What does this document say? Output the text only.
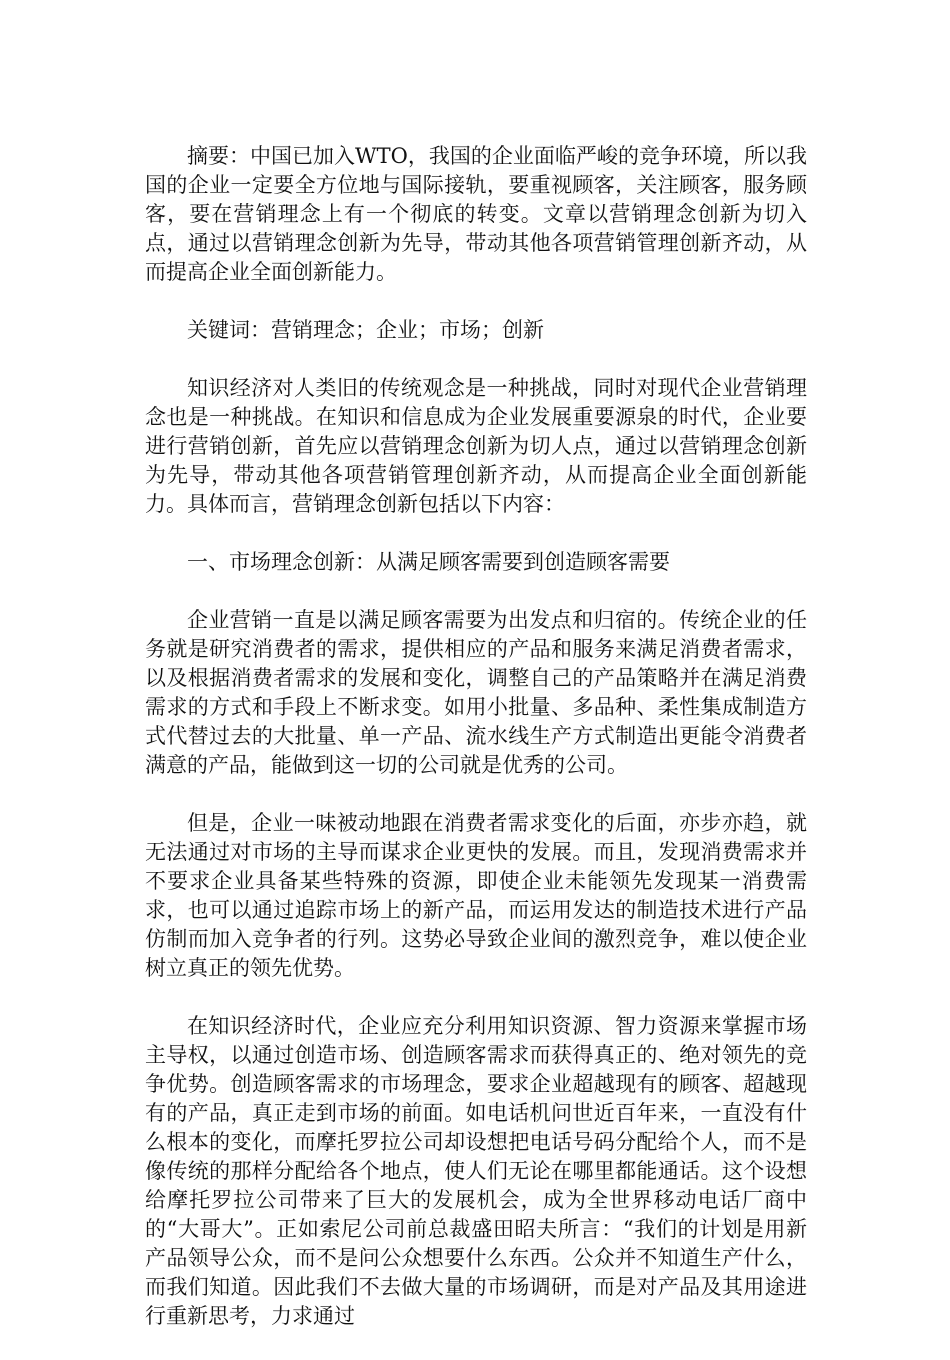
摘要：中国已加入WTO，我国的企业面临严峻的竞争环境，所以我国的企业一定要全方位地与国际接轨，要重视顾客，关注顾客，服务顾客，要在营销理念上有一个彻底的转变。文章以营销理念创新为切入点，通过以营销理念创新为先导，带动其他各项营销管理创新齐动，从而提高企业全面创新能力。

关键词：营销理念；企业；市场；创新

知识经济对人类旧的传统观念是一种挑战，同时对现代企业营销理念也是一种挑战。在知识和信息成为企业发展重要源泉的时代，企业要进行营销创新，首先应以营销理念创新为切人点，通过以营销理念创新为先导，带动其他各项营销管理创新齐动，从而提高企业全面创新能力。具体而言，营销理念创新包括以下内容：

一、市场理念创新：从满足顾客需要到创造顾客需要

企业营销一直是以满足顾客需要为出发点和归宿的。传统企业的任务就是研究消费者的需求，提供相应的产品和服务来满足消费者需求，以及根据消费者需求的发展和变化，调整自己的产品策略并在满足消费需求的方式和手段上不断求变。如用小批量、多品种、柔性集成制造方式代替过去的大批量、单一产品、流水线生产方式制造出更能令消费者满意的产品，能做到这一切的公司就是优秀的公司。

但是，企业一味被动地跟在消费者需求变化的后面，亦步亦趋，就无法通过对市场的主导而谋求企业更快的发展。而且，发现消费需求并不要求企业具备某些特殊的资源，即使企业未能领先发现某一消费需求，也可以通过追踪市场上的新产品，而运用发达的制造技术进行产品仿制而加入竞争者的行列。这势必导致企业间的激烈竞争，难以使企业树立真正的领先优势。

在知识经济时代，企业应充分利用知识资源、智力资源来掌握市场主导权，以通过创造市场、创造顾客需求而获得真正的、绝对领先的竞争优势。创造顾客需求的市场理念，要求企业超越现有的顾客、超越现有的产品，真正走到市场的前面。如电话机问世近百年来，一直没有什么根本的变化，而摩托罗拉公司却设想把电话号码分配给个人，而不是像传统的那样分配给各个地点，使人们无论在哪里都能通话。这个设想给摩托罗拉公司带来了巨大的发展机会，成为全世界移动电话厂商中的“大哥大”。正如索尼公司前总裁盛田昭夫所言：“我们的计划是用新产品领导公众，而不是问公众想要什么东西。公众并不知道生产什么，而我们知道。因此我们不去做大量的市场调研，而是对产品及其用途进行重新思考，力求通过
